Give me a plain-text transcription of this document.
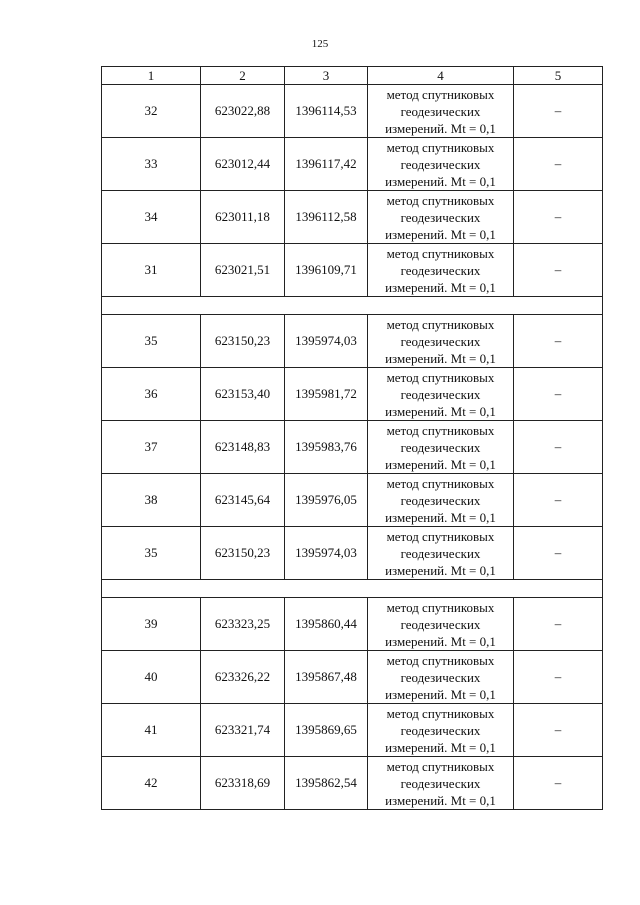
125
1	2	3	4	5
32	623022,88	1396114,53	метод спутниковых
геодезических
измерений. Mt = 0,1	–
33	623012,44	1396117,42	метод спутниковых
геодезических
измерений. Mt = 0,1	–
34	623011,18	1396112,58	метод спутниковых
геодезических
измерений. Mt = 0,1	–
31	623021,51	1396109,71	метод спутниковых
геодезических
измерений. Mt = 0,1	–

35	623150,23	1395974,03	метод спутниковых
геодезических
измерений. Mt = 0,1	–
36	623153,40	1395981,72	метод спутниковых
геодезических
измерений. Mt = 0,1	–
37	623148,83	1395983,76	метод спутниковых
геодезических
измерений. Mt = 0,1	–
38	623145,64	1395976,05	метод спутниковых
геодезических
измерений. Mt = 0,1	–
35	623150,23	1395974,03	метод спутниковых
геодезических
измерений. Mt = 0,1	–

39	623323,25	1395860,44	метод спутниковых
геодезических
измерений. Mt = 0,1	–
40	623326,22	1395867,48	метод спутниковых
геодезических
измерений. Mt = 0,1	–
41	623321,74	1395869,65	метод спутниковых
геодезических
измерений. Mt = 0,1	–
42	623318,69	1395862,54	метод спутниковых
геодезических
измерений. Mt = 0,1	–
